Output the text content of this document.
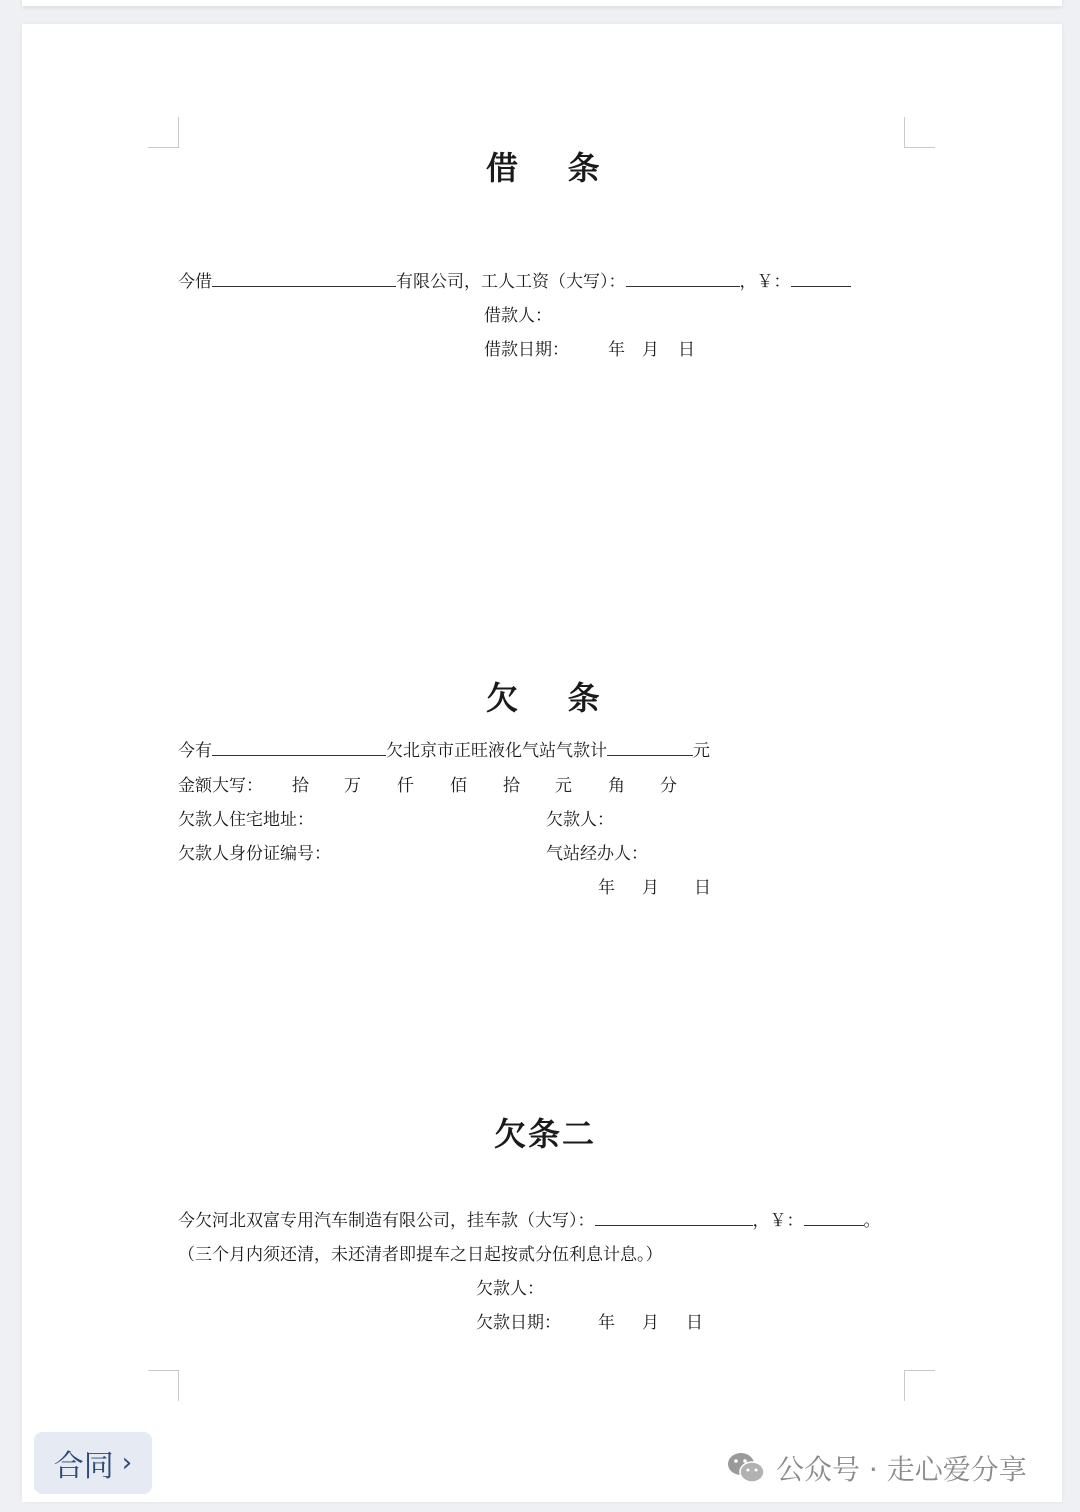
借    条
今借	有限公司，工人工资（大写）：	，￥：
借款人：
借款日期： 年 月 日
欠    条
今有	欠北京市正旺液化气站气款计	元
金额大写： 拾 万 仟 佰 拾 元 角 分
欠款人住宅地址：	欠款人：
欠款人身份证编号：	气站经办人：
年 月 日
欠条二
今欠河北双富专用汽车制造有限公司，挂车款（大写）：	，￥：	。
（三个月内须还清，未还清者即提车之日起按贰分伍利息计息。）
欠款人：
欠款日期： 年 月 日
合同 ›	公众号 · 走心爱分享
